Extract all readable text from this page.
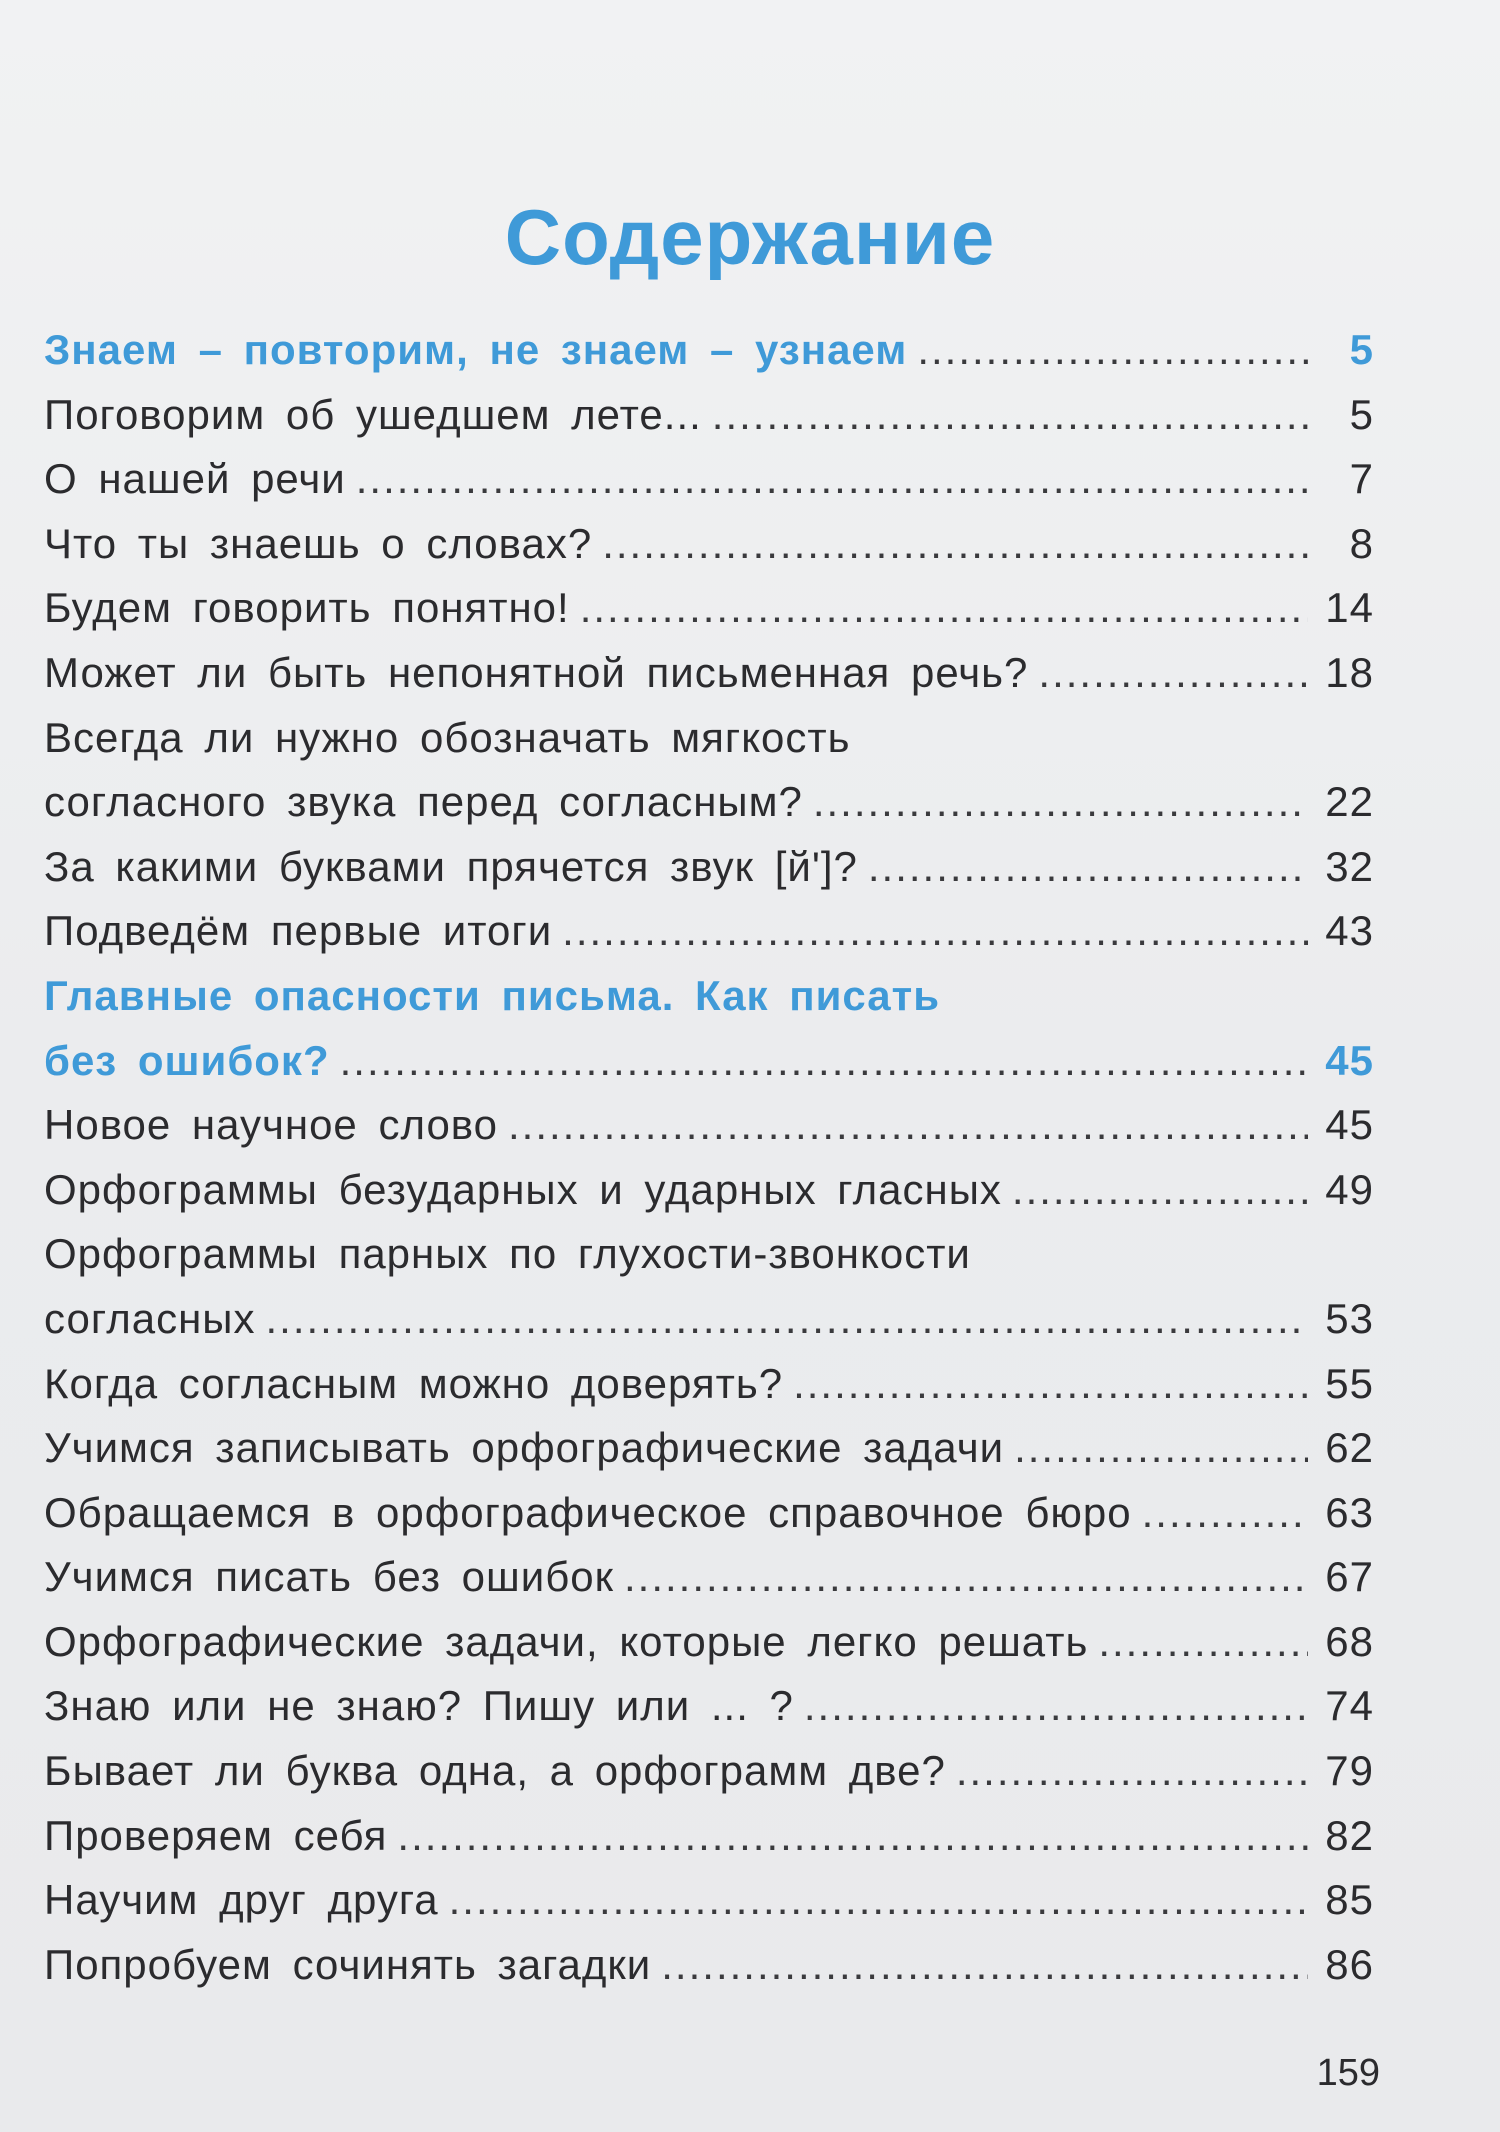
Содержание
Знаем – повторим, не знаем – узнаем .....	5
Поговорим об ушедшем лете... .....	5
О нашей речи .....	7
Что ты знаешь о словах? .....	8
Будем говорить понятно! .....	14
Может ли быть непонятной письменная речь? .....	18
Всегда ли нужно обозначать мягкость
согласного звука перед согласным? .....	22
За какими буквами прячется звук [й']? .....	32
Подведём первые итоги .....	43
Главные опасности письма. Как писать
без ошибок? .....	45
Новое научное слово .....	45
Орфограммы безударных и ударных гласных .....	49
Орфограммы парных по глухости-звонкости
согласных .....	53
Когда согласным можно доверять? .....	55
Учимся записывать орфографические задачи .....	62
Обращаемся в орфографическое справочное бюро .....	63
Учимся писать без ошибок .....	67
Орфографические задачи, которые легко решать .....	68
Знаю или не знаю? Пишу или ... ? .....	74
Бывает ли буква одна, а орфограмм две? .....	79
Проверяем себя .....	82
Научим друг друга .....	85
Попробуем сочинять загадки .....	86
159
